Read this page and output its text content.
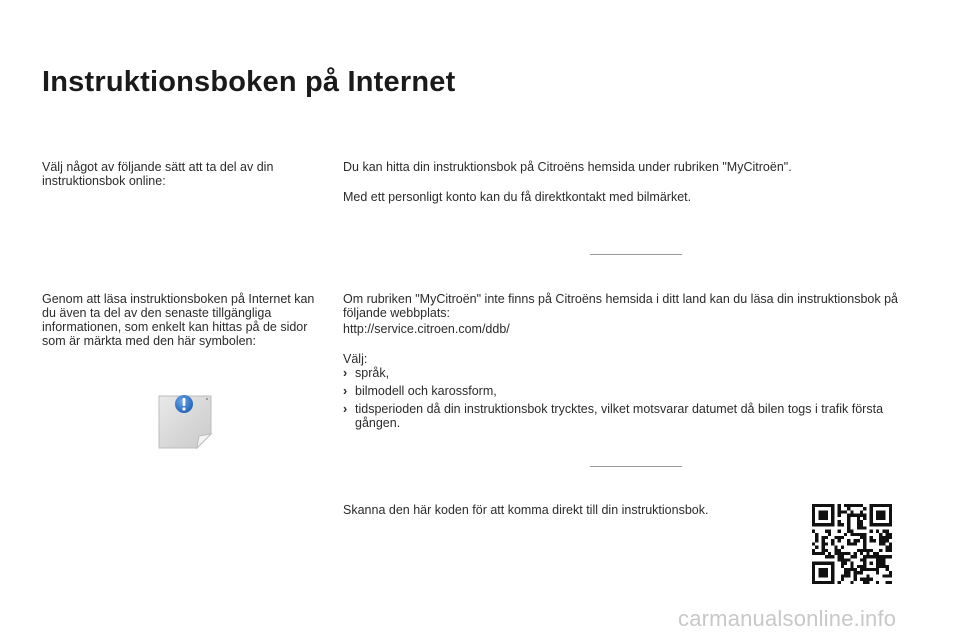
Instruktionsboken på Internet

Välj något av följande sätt att ta del av din instruktionsbok online:

Genom att läsa instruktionsboken på Internet kan du även ta del av den senaste tillgängliga informationen, som enkelt kan hittas på de sidor som är märkta med den här symbolen:

Du kan hitta din instruktionsbok på Citroëns hemsida under rubriken "MyCitroën".

Med ett personligt konto kan du få direktkontakt med bilmärket.

Om rubriken "MyCitroën" inte finns på Citroëns hemsida i ditt land kan du läsa din instruktionsbok på följande webbplats:

http://service.citroen.com/ddb/

Välj:

› språk,
› bilmodell och karossform,
› tidsperioden då din instruktionsbok trycktes, vilket motsvarar datumet då bilen togs i trafik första gången.

Skanna den här koden för att komma direkt till din instruktionsbok.

carmanualsonline.info
